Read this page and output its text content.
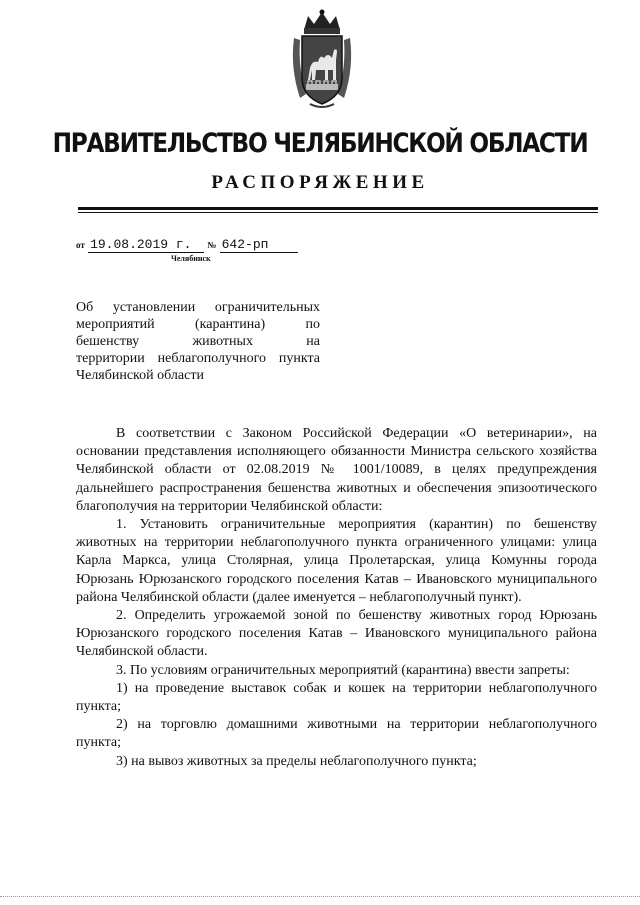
ПРАВИТЕЛЬСТВО ЧЕЛЯБИНСКОЙ ОБЛАСТИ
РАСПОРЯЖЕНИЕ
от 19.08.2019 г. № 642-рп
Челябинск
Об установлении ограничительных
мероприятий (карантина) по
бешенству животных на
территории неблагополучного пункта
Челябинской области

В соответствии с Законом Российской Федерации «О ветеринарии», на основании представления исполняющего обязанности Министра сельского хозяйства Челябинской области от 02.08.2019 № 1001/10089, в целях предупреждения дальнейшего распространения бешенства животных и обеспечения эпизоотического благополучия на территории Челябинской области:

1. Установить ограничительные мероприятия (карантин) по бешенству животных на территории неблагополучного пункта ограниченного улицами: улица Карла Маркса, улица Столярная, улица Пролетарская, улица Комунны города Юрюзань Юрюзанского городского поселения Катав – Ивановского муниципального района Челябинской области (далее именуется – неблагополучный пункт).

2. Определить угрожаемой зоной по бешенству животных город Юрюзань Юрюзанского городского поселения Катав – Ивановского муниципального района Челябинской области.

3. По условиям ограничительных мероприятий (карантина) ввести запреты:

1) на проведение выставок собак и кошек на территории неблагополучного пункта;

2) на торговлю домашними животными на территории неблагополучного пункта;

3) на вывоз животных за пределы неблагополучного пункта;
